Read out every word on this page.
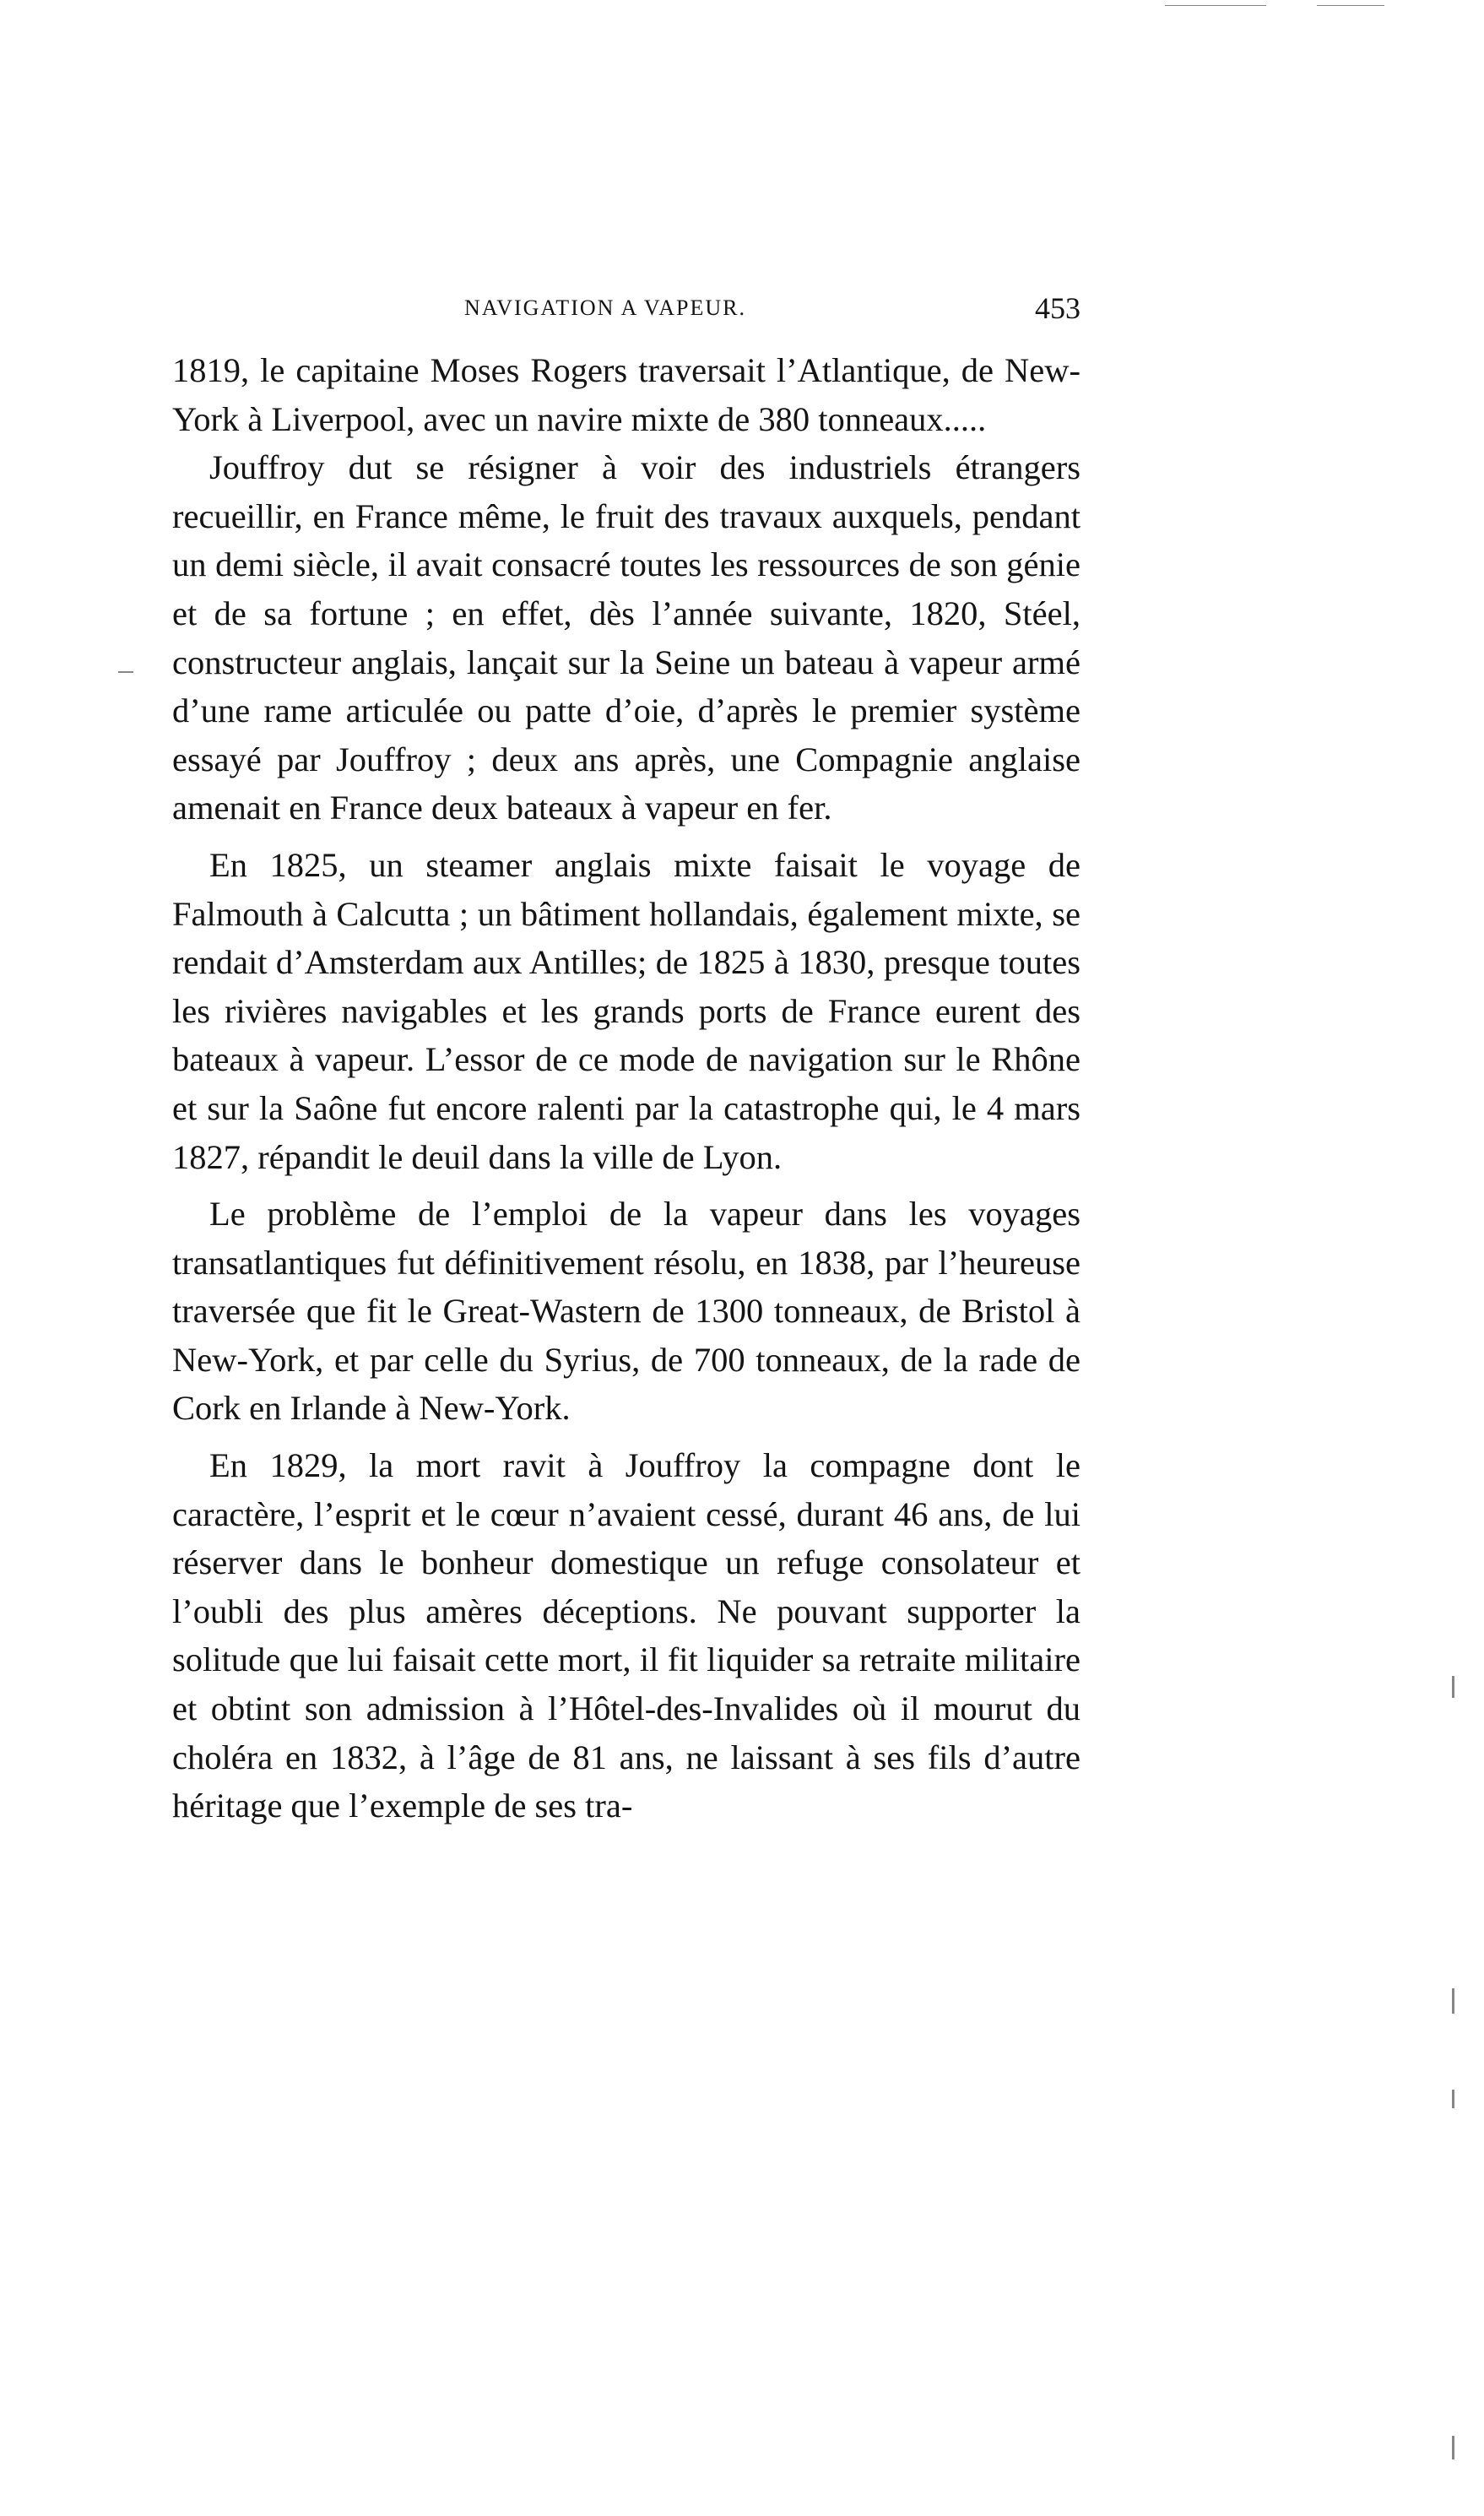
NAVIGATION A VAPEUR.	453

1819, le capitaine Moses Rogers traversait l’Atlantique, de New-York à Liverpool, avec un navire mixte de 380 tonneaux.....

Jouffroy dut se résigner à voir des industriels étrangers recueillir, en France même, le fruit des travaux auxquels, pendant un demi siècle, il avait consacré toutes les ressources de son génie et de sa fortune ; en effet, dès l’année suivante, 1820, Stéel, constructeur anglais, lançait sur la Seine un bateau à vapeur armé d’une rame articulée ou patte d’oie, d’après le premier système essayé par Jouffroy ; deux ans après, une Compagnie anglaise amenait en France deux bateaux à vapeur en fer.

En 1825, un steamer anglais mixte faisait le voyage de Falmouth à Calcutta ; un bâtiment hollandais, également mixte, se rendait d’Amsterdam aux Antilles; de 1825 à 1830, presque toutes les rivières navigables et les grands ports de France eurent des bateaux à vapeur. L’essor de ce mode de navigation sur le Rhône et sur la Saône fut encore ralenti par la catastrophe qui, le 4 mars 1827, répandit le deuil dans la ville de Lyon.

Le problème de l’emploi de la vapeur dans les voyages transatlantiques fut définitivement résolu, en 1838, par l’heureuse traversée que fit le Great-Wastern de 1300 tonneaux, de Bristol à New-York, et par celle du Syrius, de 700 tonneaux, de la rade de Cork en Irlande à New-York.

En 1829, la mort ravit à Jouffroy la compagne dont le caractère, l’esprit et le cœur n’avaient cessé, durant 46 ans, de lui réserver dans le bonheur domestique un refuge consolateur et l’oubli des plus amères déceptions. Ne pouvant supporter la solitude que lui faisait cette mort, il fit liquider sa retraite militaire et obtint son admission à l’Hôtel-des-Invalides où il mourut du choléra en 1832, à l’âge de 81 ans, ne laissant à ses fils d’autre héritage que l’exemple de ses tra-
